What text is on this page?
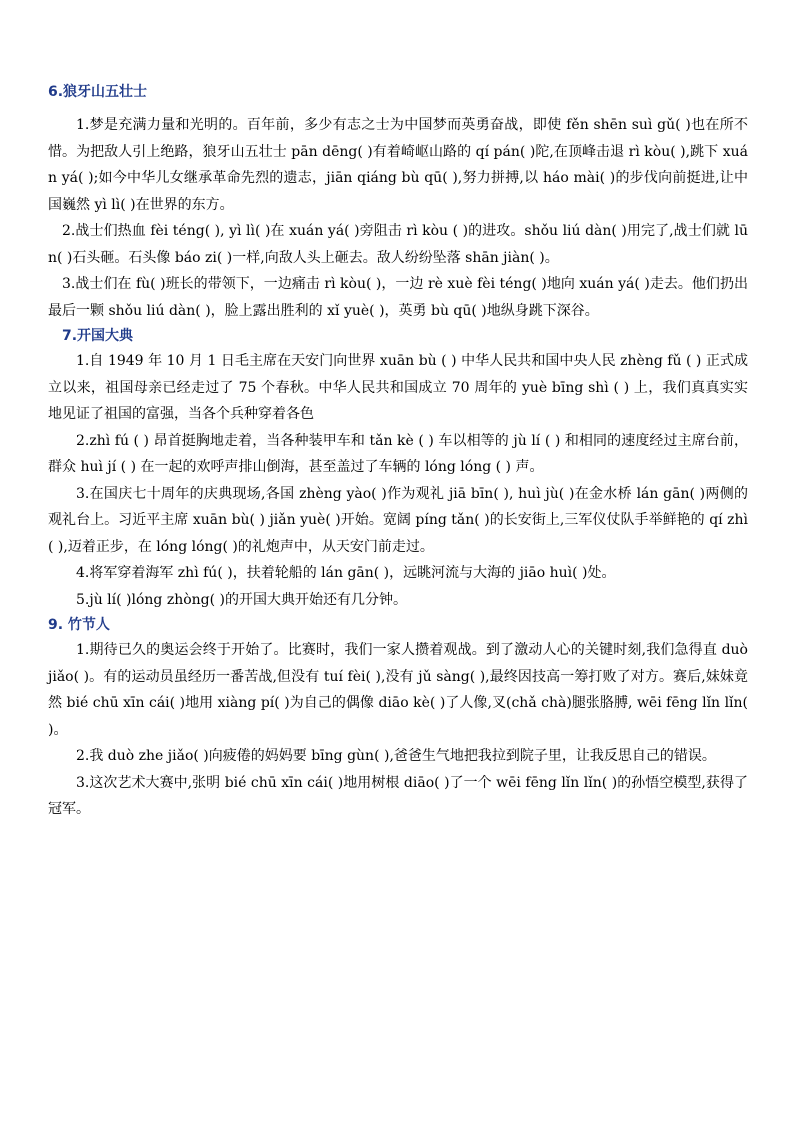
6.狼牙山五壮士

1.梦是充满力量和光明的。百年前，多少有志之士为中国梦而英勇奋战，即使 fěn shēn suì gǔ( )也在所不惜。为把敌人引上绝路，狼牙山五壮士 pān dēng( )有着崎岖山路的 qí pán( )陀,在顶峰击退 rì kòu( ),跳下 xuán yá( );如今中华儿女继承革命先烈的遗志，jiān qiáng bù qū( ),努力拼搏,以 háo mài( )的步伐向前挺进,让中国巍然 yì lì( )在世界的东方。

2.战士们热血 fèi téng( ), yì lì( )在 xuán yá( )旁阻击 rì kòu ( )的进攻。shǒu liú dàn( )用完了,战士们就 lūn( )石头砸。石头像 báo zi( )一样,向敌人头上砸去。敌人纷纷坠落 shān jiàn( )。

3.战士们在 fù( )班长的带领下，一边痛击 rì kòu( )，一边 rè xuè fèi téng( )地向 xuán yá( )走去。他们扔出最后一颗 shǒu liú dàn( )，脸上露出胜利的 xǐ yuè( )，英勇 bù qū( )地纵身跳下深谷。

7.开国大典

1.自 1949 年 10 月 1 日毛主席在天安门向世界 xuān bù ( ) 中华人民共和国中央人民 zhèng fǔ ( ) 正式成立以来，祖国母亲已经走过了 75 个春秋。中华人民共和国成立 70 周年的 yuè bīng shì ( ) 上，我们真真实实地见证了祖国的富强，当各个兵种穿着各色

2.zhì fú ( ) 昂首挺胸地走着，当各种装甲车和 tǎn kè ( ) 车以相等的 jù lí ( ) 和相同的速度经过主席台前，群众 huì jí ( ) 在一起的欢呼声排山倒海，甚至盖过了车辆的 lóng lóng ( ) 声。

3.在国庆七十周年的庆典现场,各国 zhèng yào( )作为观礼 jiā bīn( ), huì jù( )在金水桥 lán gān( )两侧的观礼台上。习近平主席 xuān bù( ) jiǎn yuè( )开始。宽阔 píng tǎn( )的长安街上,三军仪仗队手举鲜艳的 qí zhì( ),迈着正步，在 lóng lóng( )的礼炮声中，从天安门前走过。

4.将军穿着海军 zhì fú( )，扶着轮船的 lán gān( )，远眺河流与大海的 jiāo huì( )处。

5.jù lí( )lóng zhòng( )的开国大典开始还有几分钟。

9. 竹节人

1.期待已久的奥运会终于开始了。比赛时，我们一家人攒着观战。到了激动人心的关键时刻,我们急得直 duò jiǎo( )。有的运动员虽经历一番苦战,但没有 tuí fèi( ),没有 jǔ sàng( ),最终因技高一筹打败了对方。赛后,妹妹竟然 bié chū xīn cái( )地用 xiàng pí( )为自己的偶像 diāo kè( )了人像,叉(chǎ chà)腿张胳膊, wēi fēng lǐn lǐn( )。

2.我 duò zhe jiǎo( )向疲倦的妈妈要 bīng gùn( ),爸爸生气地把我拉到院子里，让我反思自己的错误。

3.这次艺术大赛中,张明 bié chū xīn cái( )地用树根 diāo( )了一个 wēi fēng lǐn lǐn( )的孙悟空模型,获得了冠军。
